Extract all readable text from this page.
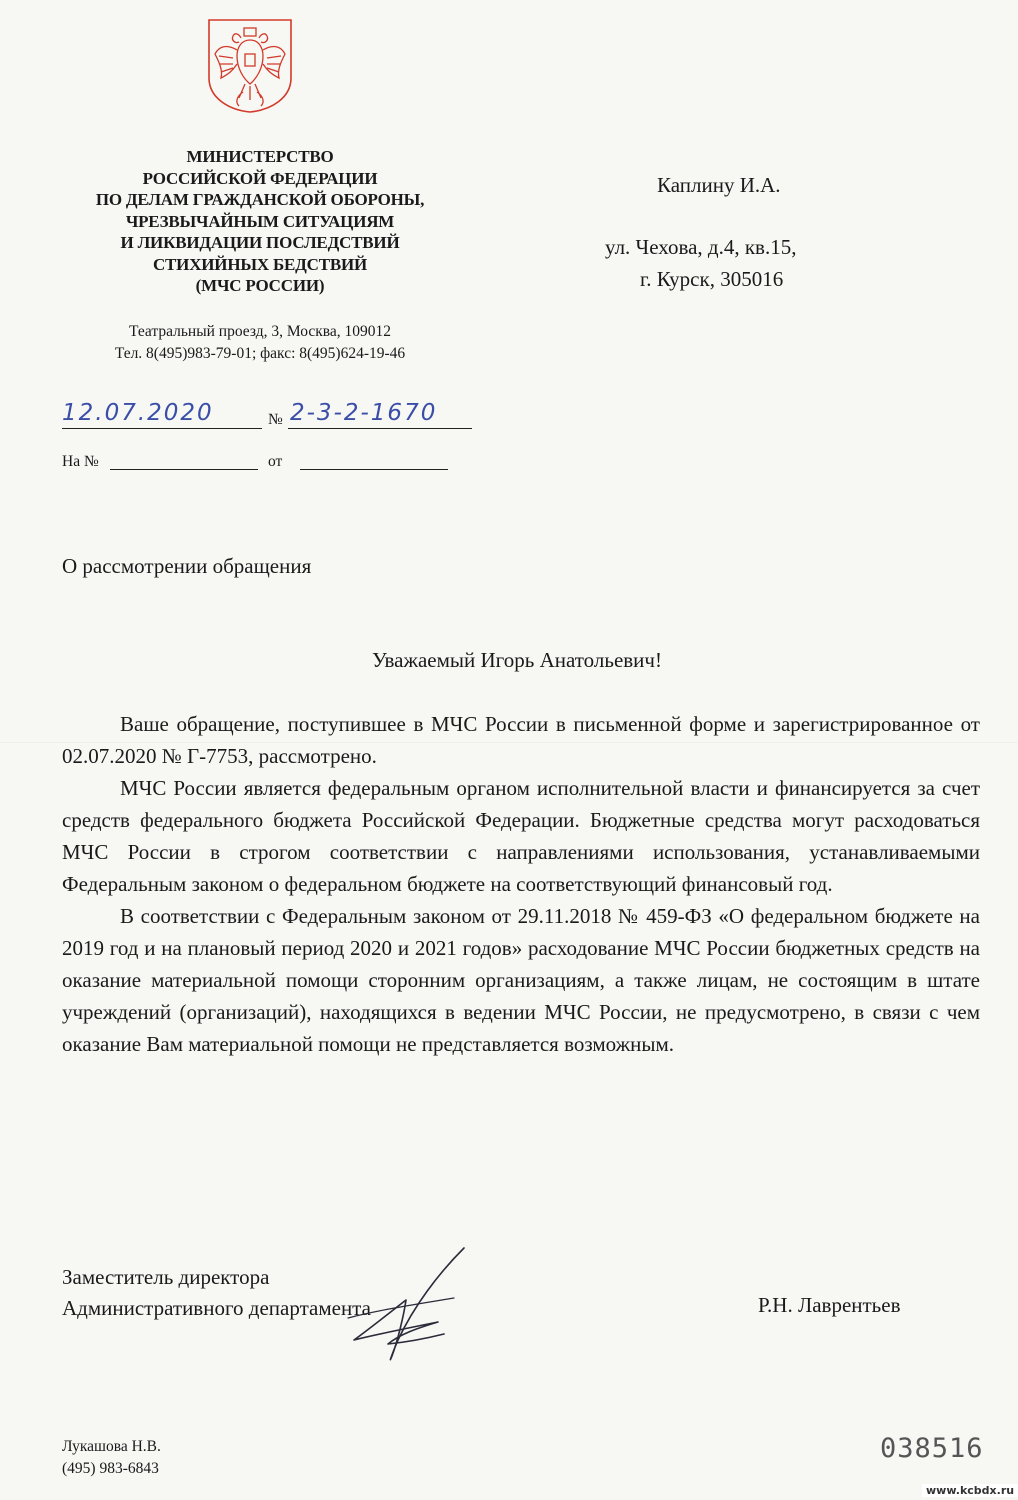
МИНИСТЕРСТВО
РОССИЙСКОЙ ФЕДЕРАЦИИ
ПО ДЕЛАМ ГРАЖДАНСКОЙ ОБОРОНЫ,
ЧРЕЗВЫЧАЙНЫМ СИТУАЦИЯМ
И ЛИКВИДАЦИИ ПОСЛЕДСТВИЙ
СТИХИЙНЫХ БЕДСТВИЙ
(МЧС РОССИИ)
Театральный проезд, 3, Москва, 109012
Тел. 8(495)983-79-01; факс: 8(495)624-19-46
12.07.2020	№ 2-3-2-1670
На №	от
Каплину И.А.
ул. Чехова, д.4, кв.15,
г. Курск, 305016
О рассмотрении обращения
Уважаемый Игорь Анатольевич!

Ваше обращение, поступившее в МЧС России в письменной форме и зарегистрированное от 02.07.2020 № Г-7753, рассмотрено.

МЧС России является федеральным органом исполнительной власти и финансируется за счет средств федерального бюджета Российской Федерации. Бюджетные средства могут расходоваться МЧС России в строгом соответствии с направлениями использования, устанавливаемыми Федеральным законом о федеральном бюджете на соответствующий финансовый год.

В соответствии с Федеральным законом от 29.11.2018 № 459-ФЗ «О федеральном бюджете на 2019 год и на плановый период 2020 и 2021 годов» расходование МЧС России бюджетных средств на оказание материальной помощи сторонним организациям, а также лицам, не состоящим в штате учреждений (организаций), находящихся в ведении МЧС России, не предусмотрено, в связи с чем оказание Вам материальной помощи не представляется возможным.

Заместитель директора
Административного департамента	Р.Н. Лаврентьев
Лукашова Н.В.
(495) 983-6843
038516
www.kcbdx.ru
